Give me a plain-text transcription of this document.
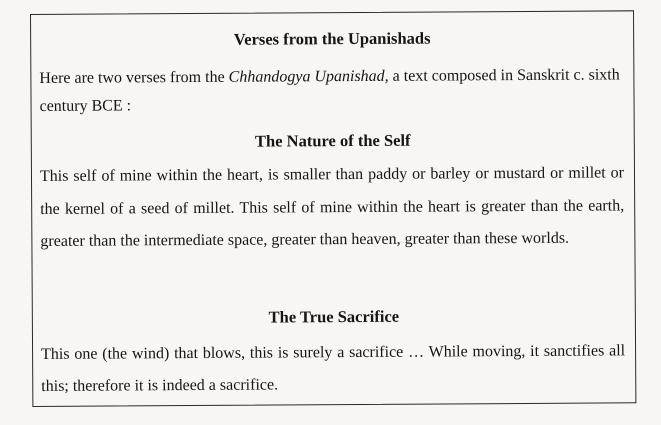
Verses from the Upanishads
Here are two verses from the Chhandogya Upanishad, a text composed in Sanskrit c. sixth century BCE :
The Nature of the Self
This self of mine within the heart, is smaller than paddy or barley or mustard or millet or the kernel of a seed of millet. This self of mine within the heart is greater than the earth, greater than the intermediate space, greater than heaven, greater than these worlds.
The True Sacrifice
This one (the wind) that blows, this is surely a sacrifice … While moving, it sanctifies all this; therefore it is indeed a sacrifice.
